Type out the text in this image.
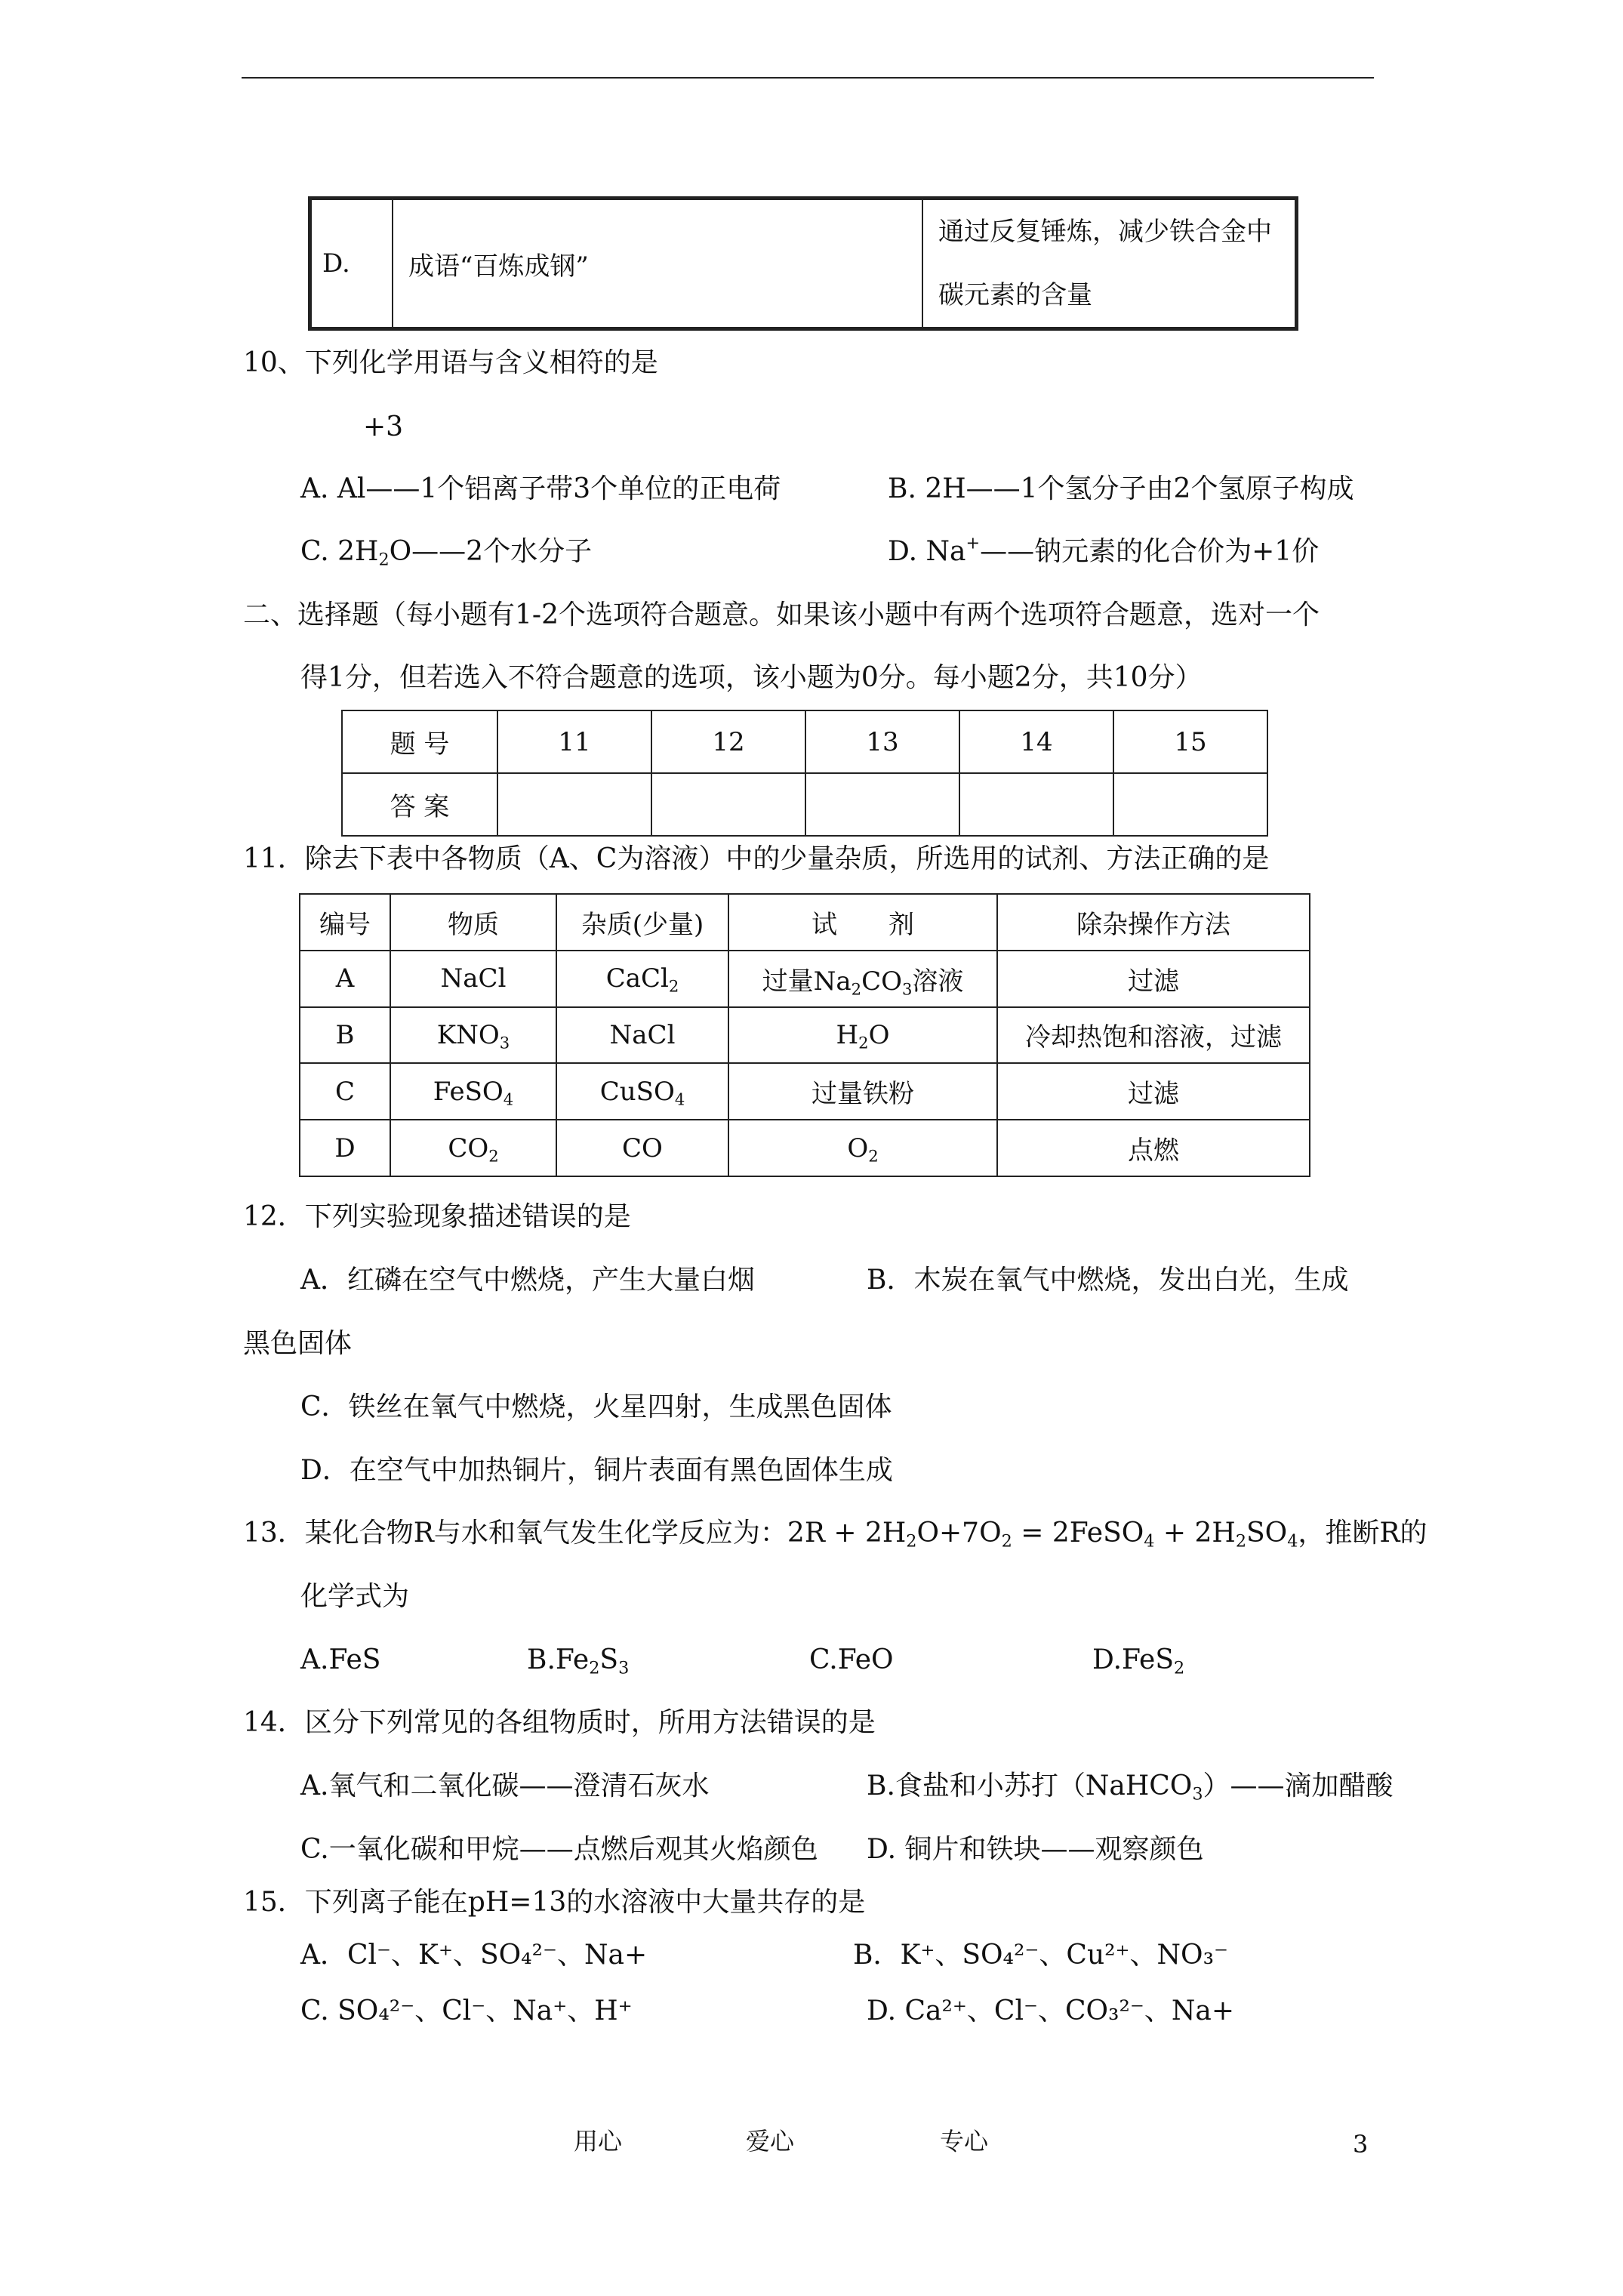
D.	成语“百炼成钢”	通过反复锤炼，减少铁合金中
碳元素的含量
10、下列化学用语与含义相符的是
+3
A. Al——1个铝离子带3个单位的正电荷	B. 2H——1个氢分子由2个氢原子构成
C. $2H_2O——2$个水分子	D. Na+——钠元素的化合价为+1价
二、选择题（每小题有1-2个选项符合题意。如果该小题中有两个选项符合题意，选对一个
得1分，但若选入不符合题意的选项，该小题为0分。每小题2分，共10分）
题 号	11	12	13	14	15
答 案					
11．除去下表中各物质（A、C为溶液）中的少量杂质，所选用的试剂、方法正确的是
编号	物质	杂质(少量)	试　　剂	除杂操作方法
A	NaCl	CaCl$_2$	过量$Na_2CO_3$溶液	过滤
B	$KNO_3$	NaCl	$H_2O$	冷却热饱和溶液，过滤
C	FeSO$_4$	CuSO$_4$	过量铁粉	过滤
D	$CO_2$	CO	$O_2$	点燃
12．下列实验现象描述错误的是
A．红磷在空气中燃烧，产生大量白烟	B．木炭在氧气中燃烧，发出白光，生成
黑色固体
C．铁丝在氧气中燃烧，火星四射，生成黑色固体
D．在空气中加热铜片，铜片表面有黑色固体生成
13．某化合物R与水和氧气发生化学反应为：$2R + 2H_2O+7O_2$ = 2FeSO$_4$ + $2H_2SO_4$，推断R的
化学式为
A.FeS	$B.Fe_2S_3$	C.FeO	D.FeS$_2$
14．区分下列常见的各组物质时，所用方法错误的是
A.氧气和二氧化碳——澄清石灰水	B.食盐和小苏打（NaHCO$_3$）——滴加醋酸
C.一氧化碳和甲烷——点燃后观其火焰颜色 D. 铜片和铁块——观察颜色
15．下列离子能在pH=13的水溶液中大量共存的是
A．Cl⁻、K⁺、SO₄²⁻、Na+	B．K⁺、SO₄²⁻、Cu²⁺、NO₃⁻
C. SO₄²⁻、Cl⁻、Na⁺、H⁺	D. Ca²⁺、Cl⁻、CO₃²⁻、Na+
用心	爱心	专心	3
